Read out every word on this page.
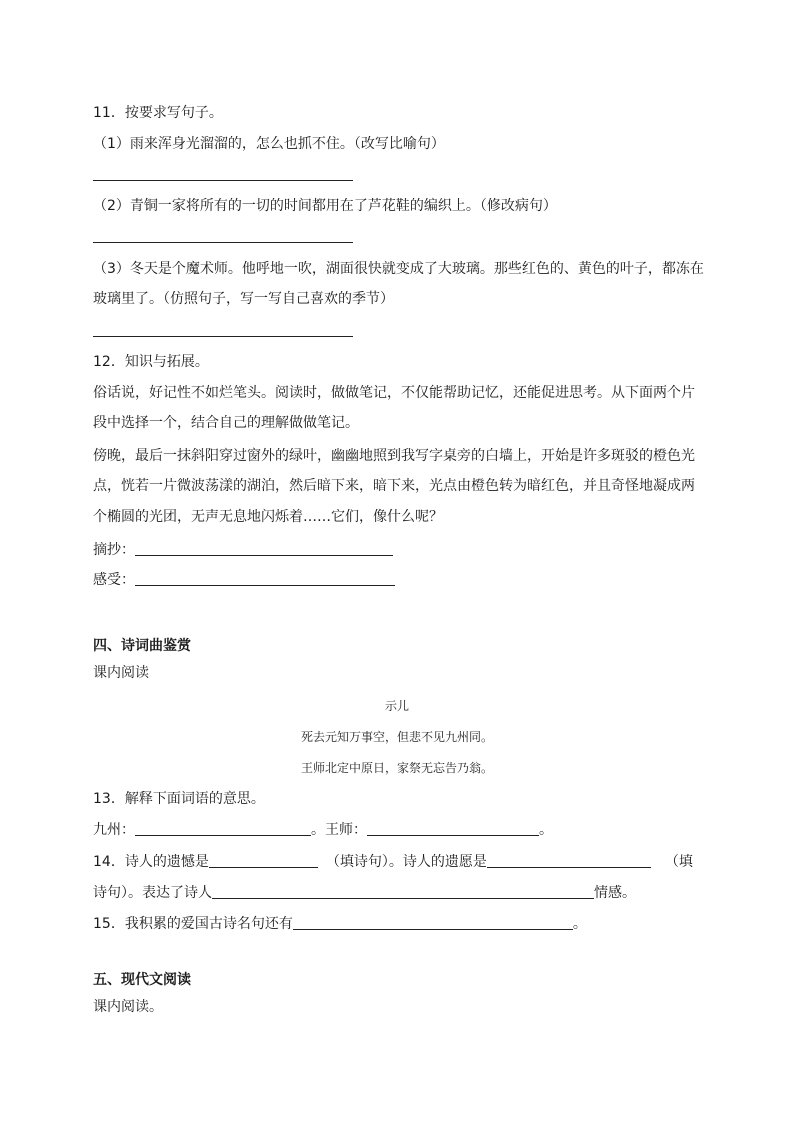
11．按要求写句子。
（1）雨来浑身光溜溜的，怎么也抓不住。（改写比喻句）
（2）青铜一家将所有的一切的时间都用在了芦花鞋的编织上。（修改病句）
（3）冬天是个魔术师。他呼地一吹，湖面很快就变成了大玻璃。那些红色的、黄色的叶子，都冻在
玻璃里了。（仿照句子，写一写自己喜欢的季节）
12．知识与拓展。
俗话说，好记性不如烂笔头。阅读时，做做笔记，不仅能帮助记忆，还能促进思考。从下面两个片
段中选择一个，结合自己的理解做做笔记。
傍晚，最后一抹斜阳穿过窗外的绿叶，幽幽地照到我写字桌旁的白墙上，开始是许多斑驳的橙色光
点，恍若一片微波荡漾的湖泊，然后暗下来，暗下来，光点由橙色转为暗红色，并且奇怪地凝成两
个椭圆的光团，无声无息地闪烁着……它们，像什么呢？
摘抄：
感受：
四、诗词曲鉴赏
课内阅读
示儿
死去元知万事空，但悲不见九州同。
王师北定中原日，家祭无忘告乃翁。
13．解释下面词语的意思。
九州：	。王师：	。
14．诗人的遗憾是	（填诗句）。诗人的遗愿是	（填
诗句）。表达了诗人	情感。
15．我积累的爱国古诗名句还有	。
五、现代文阅读
课内阅读。
